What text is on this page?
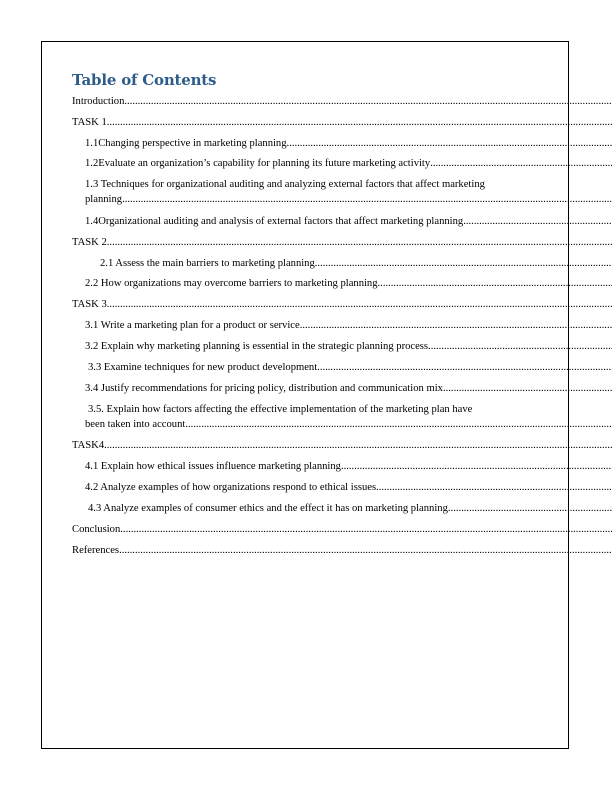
Table of Contents
Introduction
.....
TASK 1
.....
1.1Changing perspective in marketing planning
.....
1.2Evaluate an organization’s capability for planning its future marketing activity
.....
1.3 Techniques for organizational auditing and analyzing external factors that affect marketing
planning
.....
1.4Organizational auditing and analysis of external factors that affect marketing planning
.....
TASK 2
.....
2.1 Assess the main barriers to marketing planning
.....
2.2 How organizations may overcome barriers to marketing planning.
.....
TASK 3
.....
3.1 Write a marketing plan for a product or service
.....
3.2 Explain why marketing planning is essential in the strategic planning process
.....
3.3 Examine techniques for new product development
.....
3.4 Justify recommendations for pricing policy, distribution and communication mix
.....
3.5. Explain how factors affecting the effective implementation of the marketing plan have
been taken into account
.....
TASK4
.....
4.1 Explain how ethical issues influence marketing planning
.....
4.2 Analyze examples of how organizations respond to ethical issues
.....
4.3 Analyze examples of consumer ethics and the effect it has on marketing planning
.....
Conclusion
.....
References
.....
